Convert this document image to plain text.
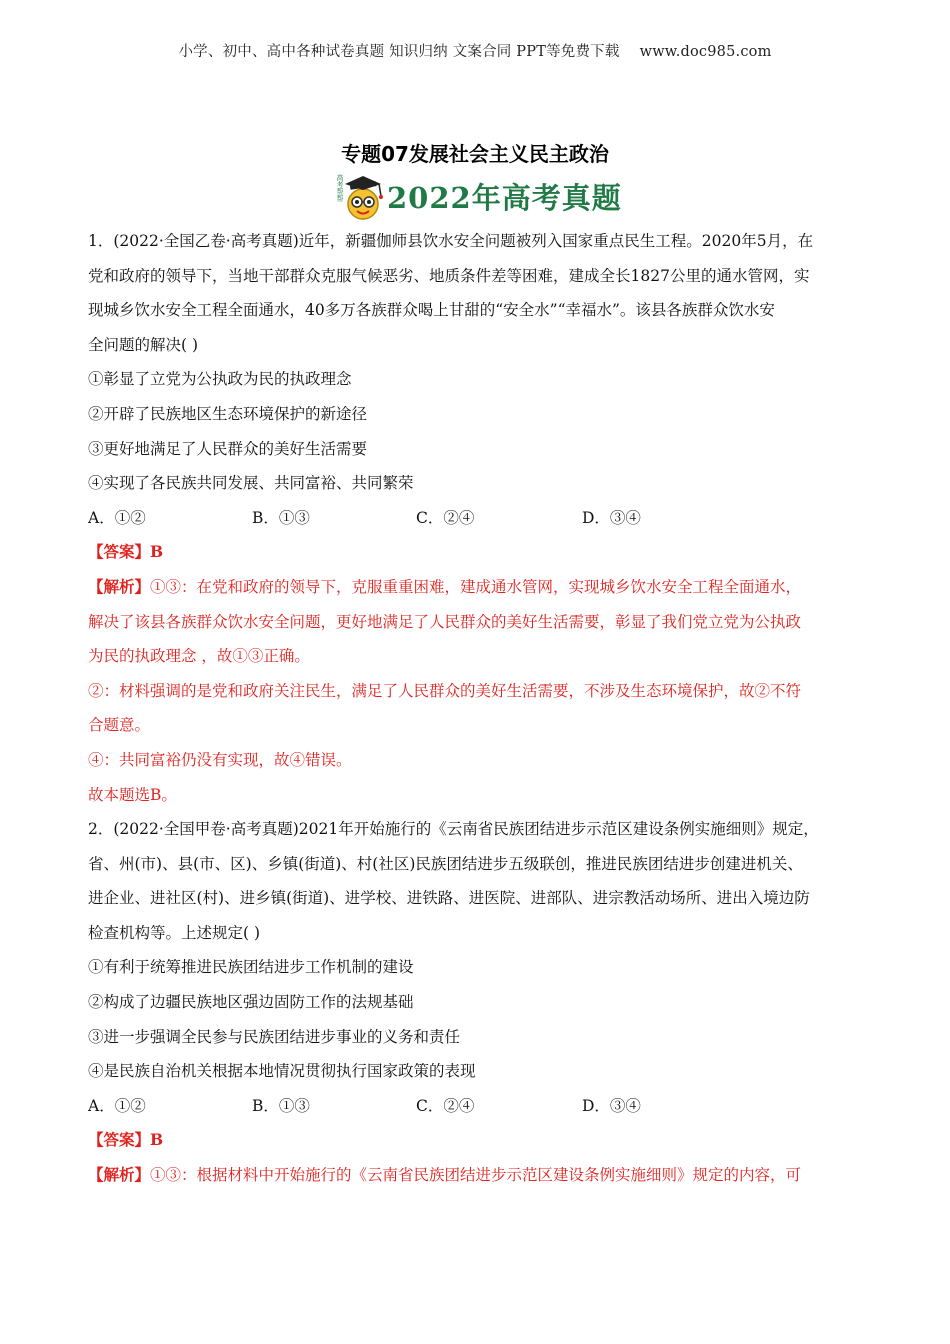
小学、初中、高中各种试卷真题 知识归纳 文案合同 PPT等免费下载 www.doc985.com
专题07发展社会主义民主政治
高考帮帮 2022年高考真题
1．(2022·全国乙卷·高考真题)近年，新疆伽师县饮水安全问题被列入国家重点民生工程。2020年5月，在
党和政府的领导下，当地干部群众克服气候恶劣、地质条件差等困难，建成全长1827公里的通水管网，实
现城乡饮水安全工程全面通水，40多万各族群众喝上甘甜的“安全水”“幸福水”。该县各族群众饮水安
全问题的解决( )
①彰显了立党为公执政为民的执政理念
②开辟了民族地区生态环境保护的新途径
③更好地满足了人民群众的美好生活需要
④实现了各民族共同发展、共同富裕、共同繁荣
A．①②	B．①③	C．②④	D．③④
【答案】B
【解析】①③：在党和政府的领导下，克服重重困难，建成通水管网，实现城乡饮水安全工程全面通水，
解决了该县各族群众饮水安全问题，更好地满足了人民群众的美好生活需要，彰显了我们党立党为公执政
为民的执政理念 ，故①③正确。
②：材料强调的是党和政府关注民生，满足了人民群众的美好生活需要，不涉及生态环境保护，故②不符
合题意。
④：共同富裕仍没有实现，故④错误。
故本题选B。
2．(2022·全国甲卷·高考真题)2021年开始施行的《云南省民族团结进步示范区建设条例实施细则》规定，
省、州(市)、县(市、区)、乡镇(街道)、村(社区)民族团结进步五级联创，推进民族团结进步创建进机关、
进企业、进社区(村)、进乡镇(街道)、进学校、进铁路、进医院、进部队、进宗教活动场所、进出入境边防
检查机构等。上述规定( )
①有利于统筹推进民族团结进步工作机制的建设
②构成了边疆民族地区强边固防工作的法规基础
③进一步强调全民参与民族团结进步事业的义务和责任
④是民族自治机关根据本地情况贯彻执行国家政策的表现
A．①②	B．①③	C．②④	D．③④
【答案】B
【解析】①③：根据材料中开始施行的《云南省民族团结进步示范区建设条例实施细则》规定的内容，可
